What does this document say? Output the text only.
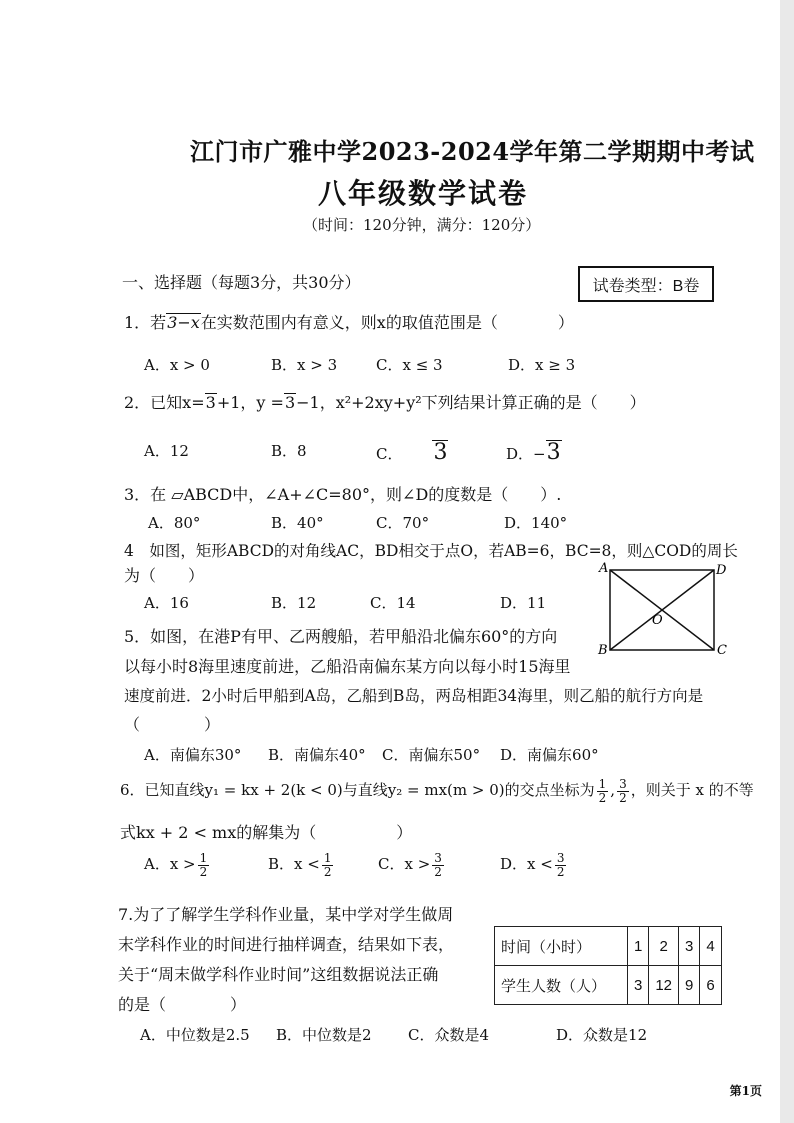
江门市广雅中学2023-2024学年第二学期期中考试
八年级数学试卷
（时间：120分钟，满分：120分）
一、选择题（每题3分，共30分）	试卷类型：B卷
1．若3−x在实数范围内有意义，则x的取值范围是（	）
A．x > 0	B．x > 3	C．x ≤ 3	D．x ≥ 3
2．已知x=3+1，y =3−1，x²+2xy+y²下列结果计算正确的是（　　）
A．12	B．8	C． 3	D．−3
3．在 ▱ABCD中，∠A+∠C=80°，则∠D的度数是（　　）.
A．80°	B．40°	C．70°	D．140°
4　如图，矩形ABCD的对角线AC，BD相交于点O，若AB=6，BC=8，则△COD的周长
为（　　）
A．16	B．12	C．14	D．11
A	D
B	C
O
5．如图，在港P有甲、乙两艘船，若甲船沿北偏东60°的方向
以每小时8海里速度前进，乙船沿南偏东某方向以每小时15海里
速度前进．2小时后甲船到A岛，乙船到B岛，两岛相距34海里，则乙船的航行方向是
（　　　　）
A．南偏东30° B．南偏东40° C．南偏东50° D．南偏东60°
6．已知直线y₁ = kx + 2(k < 0)与直线y₂ = mx(m > 0)的交点坐标为 $\frac{1}{2}$ , $\frac{3}{2}$ ，则关于 x 的不等
式kx + 2 < mx的解集为（　　　　　）
A．$x > \frac{1}{2}$	B．$x < \frac{1}{2}$	C．$x > \frac{3}{2}$	D．$x < \frac{3}{2}$
7.为了了解学生学科作业量，某中学对学生做周
末学科作业的时间进行抽样调查，结果如下表，
关于“周末做学科作业时间”这组数据说法正确
的是（　　　　）
时间（小时）	1	2	3	4
学生人数（人）	3	12	9	6
A．中位数是2.5 B．中位数是2 C．众数是4	D．众数是12
第1页
